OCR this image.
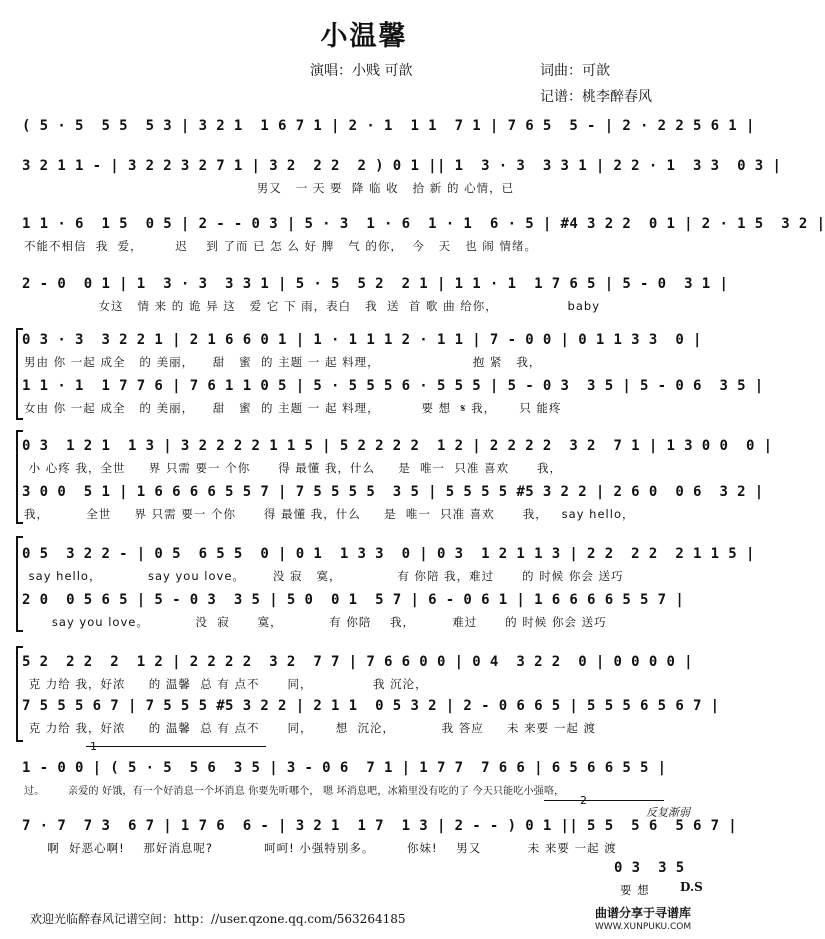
小温馨
演唱：小贱 可歆	词曲：可歆
记谱：桃李醉春风
( 5 · 5  5 5  5 3 | 3 2 1  1 6 7 1 | 2 · 1  1 1  7 1 | 7 6 5  5 - | 2 · 2 2 5 6 1 |
3 2 1 1 - | 3 2 2 3 2 7 1 | 3 2  2 2  2 ) 0 1 || 1  3 · 3  3 3 1 | 2 2 · 1  3 3  0 3 |
男又   一 天 要  降 临 收   拾 新 的 心情，已
1 1 · 6  1 5  0 5 | 2 - - 0 3 | 5 · 3  1 · 6  1 · 1  6 · 5 | #4 3 2 2  0 1 | 2 · 1 5  3 2 |
不能不相信  我  爱，       迟    到 了而 已 怎 么 好 脾   气 的你，  今   天   也 闹 情绪。
2 - 0  0 1 | 1  3 · 3  3 3 1 | 5 · 5  5 2  2 1 | 1 1 · 1  1 7 6 5 | 5 - 0  3 1 |
女这   情 来 的 诡 异 这   爱 它 下 雨，表白   我  送  首 歌 曲 给你，               baby
0 3 · 3  3 2 2 1 | 2 1 6 6 0 1 | 1 · 1 1 1 2 · 1 1 | 7 - 0 0 | 0 1 1 3 3  0 |
男由 你 一起 成全   的 美丽，    甜   蜜  的 主题 一 起 料理，                    抱 紧   我，
1 1 · 1  1 7 7 6 | 7 6 1 1 0 5 | 5 · 5 5 5 6 · 5 5 5 | 5 - 0 3  3 5 | 5 - 0 6  3 5 |
女由 你 一起 成全   的 美丽，    甜   蜜  的 主题 一 起 料理，         要 想  𝄋 我，     只 能疼
0 3  1 2 1  1 3 | 3 2 2 2 2 1 1 5 | 5 2 2 2 2  1 2 | 2 2 2 2  3 2  7 1 | 1 3 0 0  0 |
小 心疼 我，全世     界 只需 要一 个你      得 最懂 我，什么     是  唯一  只准 喜欢      我，
3 0 0  5 1 | 1 6 6 6 6 5 5 7 | 7 5 5 5 5  3 5 | 5 5 5 5 #5 3 2 2 | 2 6 0  0 6  3 2 |
我，        全世     界 只需 要一 个你      得 最懂 我，什么     是  唯一  只准 喜欢      我，   say hello，
0 5  3 2 2 - | 0 5  6 5 5  0 | 0 1  1 3 3  0 | 0 3  1 2 1 1 3 | 2 2  2 2  2 1 1 5 |
say hello，          say you love。      没 寂   寞，            有 你陪 我，难过      的 时候 你会 送巧
2 0  0 5 6 5 | 5 - 0 3  3 5 | 5 0  0 1  5 7 | 6 - 0 6 1 | 1 6 6 6 6 5 5 7 |
say you love。          没  寂      寞，          有 你陪    我，        难过      的 时候 你会 送巧
5 2  2 2  2  1 2 | 2 2 2 2  3 2  7 7 | 7 6 6 0 0 | 0 4  3 2 2  0 | 0 0 0 0 |
克 力给 我，好浓     的 温馨  总 有 点不      同，             我 沉沦，
7 5 5 5 6 7 | 7 5 5 5 #5 3 2 2 | 2 1 1  0 5 3 2 | 2 - 0 6 6 5 | 5 5 5 6 5 6 7 |
克 力给 我，好浓     的 温馨  总 有 点不      同，     想  沉沦，          我 答应     未 来要 一起 渡
1
1 - 0 0 | ( 5 · 5  5 6  3 5 | 3 - 0 6  7 1 | 1 7 7  7 6 6 | 6 5 6 6 5 5 |
过。       亲爱的 好饿，有一个好消息一个坏消息 你要先听哪个， 嗯 坏消息吧，冰箱里没有吃的了 今天只能吃小强咯，
2
反复渐弱
7 · 7  7 3  6 7 | 1 7 6  6 - | 3 2 1  1 7  1 3 | 2 - - ) 0 1 || 5 5  5 6  5 6 7 |
啊  好恶心啊!    那好消息呢?           呵呵! 小强特别多。       你妹!    男又          未 来要 一起 渡
0 3  3 5
要 想	D.S
欢迎光临醉春风记谱空间：http：//user.qzone.qq.com/563264185	曲谱分享于寻谱库
WWW.XUNPUKU.COM
